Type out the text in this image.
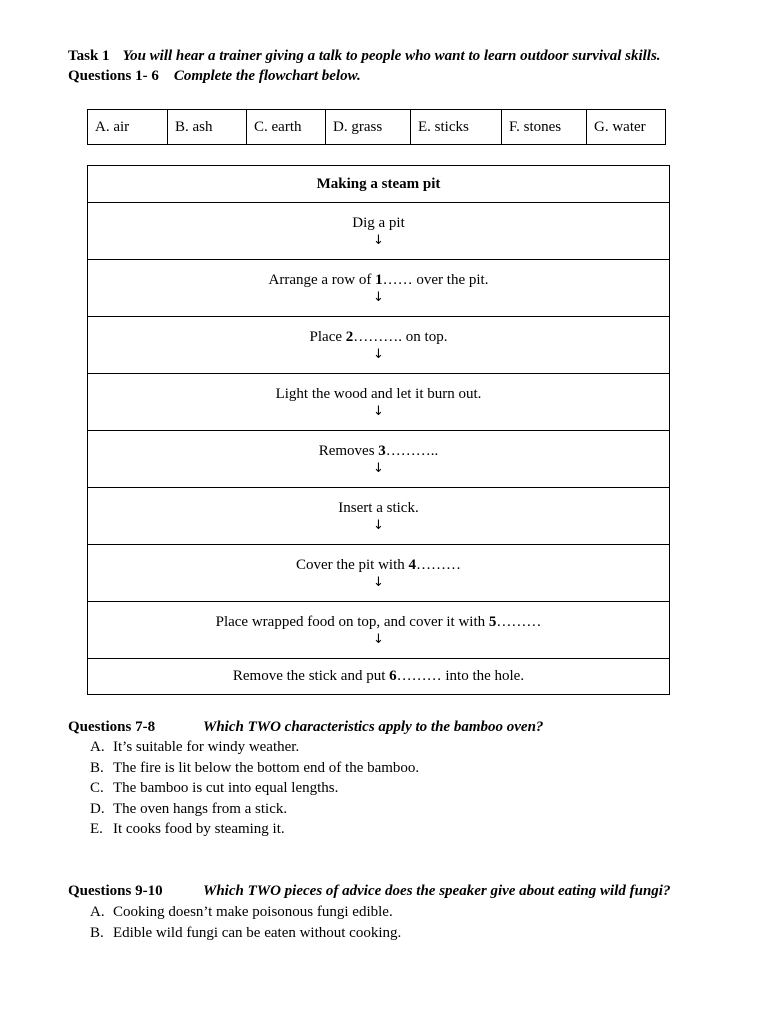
Task 1 You will hear a trainer giving a talk to people who want to learn outdoor survival skills.
Questions 1- 6 Complete the flowchart below.
A. air	B. ash	C. earth	D. grass	E. sticks	F. stones	G. water
Making a steam pit

Dig a pit
↓

Arrange a row of 1…… over the pit.
↓

Place 2………. on top.
↓

Light the wood and let it burn out.
↓

Removes 3………..
↓

Insert a stick.
↓

Cover the pit with 4………
↓

Place wrapped food on top, and cover it with 5………
↓

Remove the stick and put 6……… into the hole.
Questions 7-8	Which TWO characteristics apply to the bamboo oven?
A. It’s suitable for windy weather.
B. The fire is lit below the bottom end of the bamboo.
C. The bamboo is cut into equal lengths.
D. The oven hangs from a stick.
E. It cooks food by steaming it.
Questions 9-10	Which TWO pieces of advice does the speaker give about eating wild fungi?
A. Cooking doesn’t make poisonous fungi edible.
B. Edible wild fungi can be eaten without cooking.
